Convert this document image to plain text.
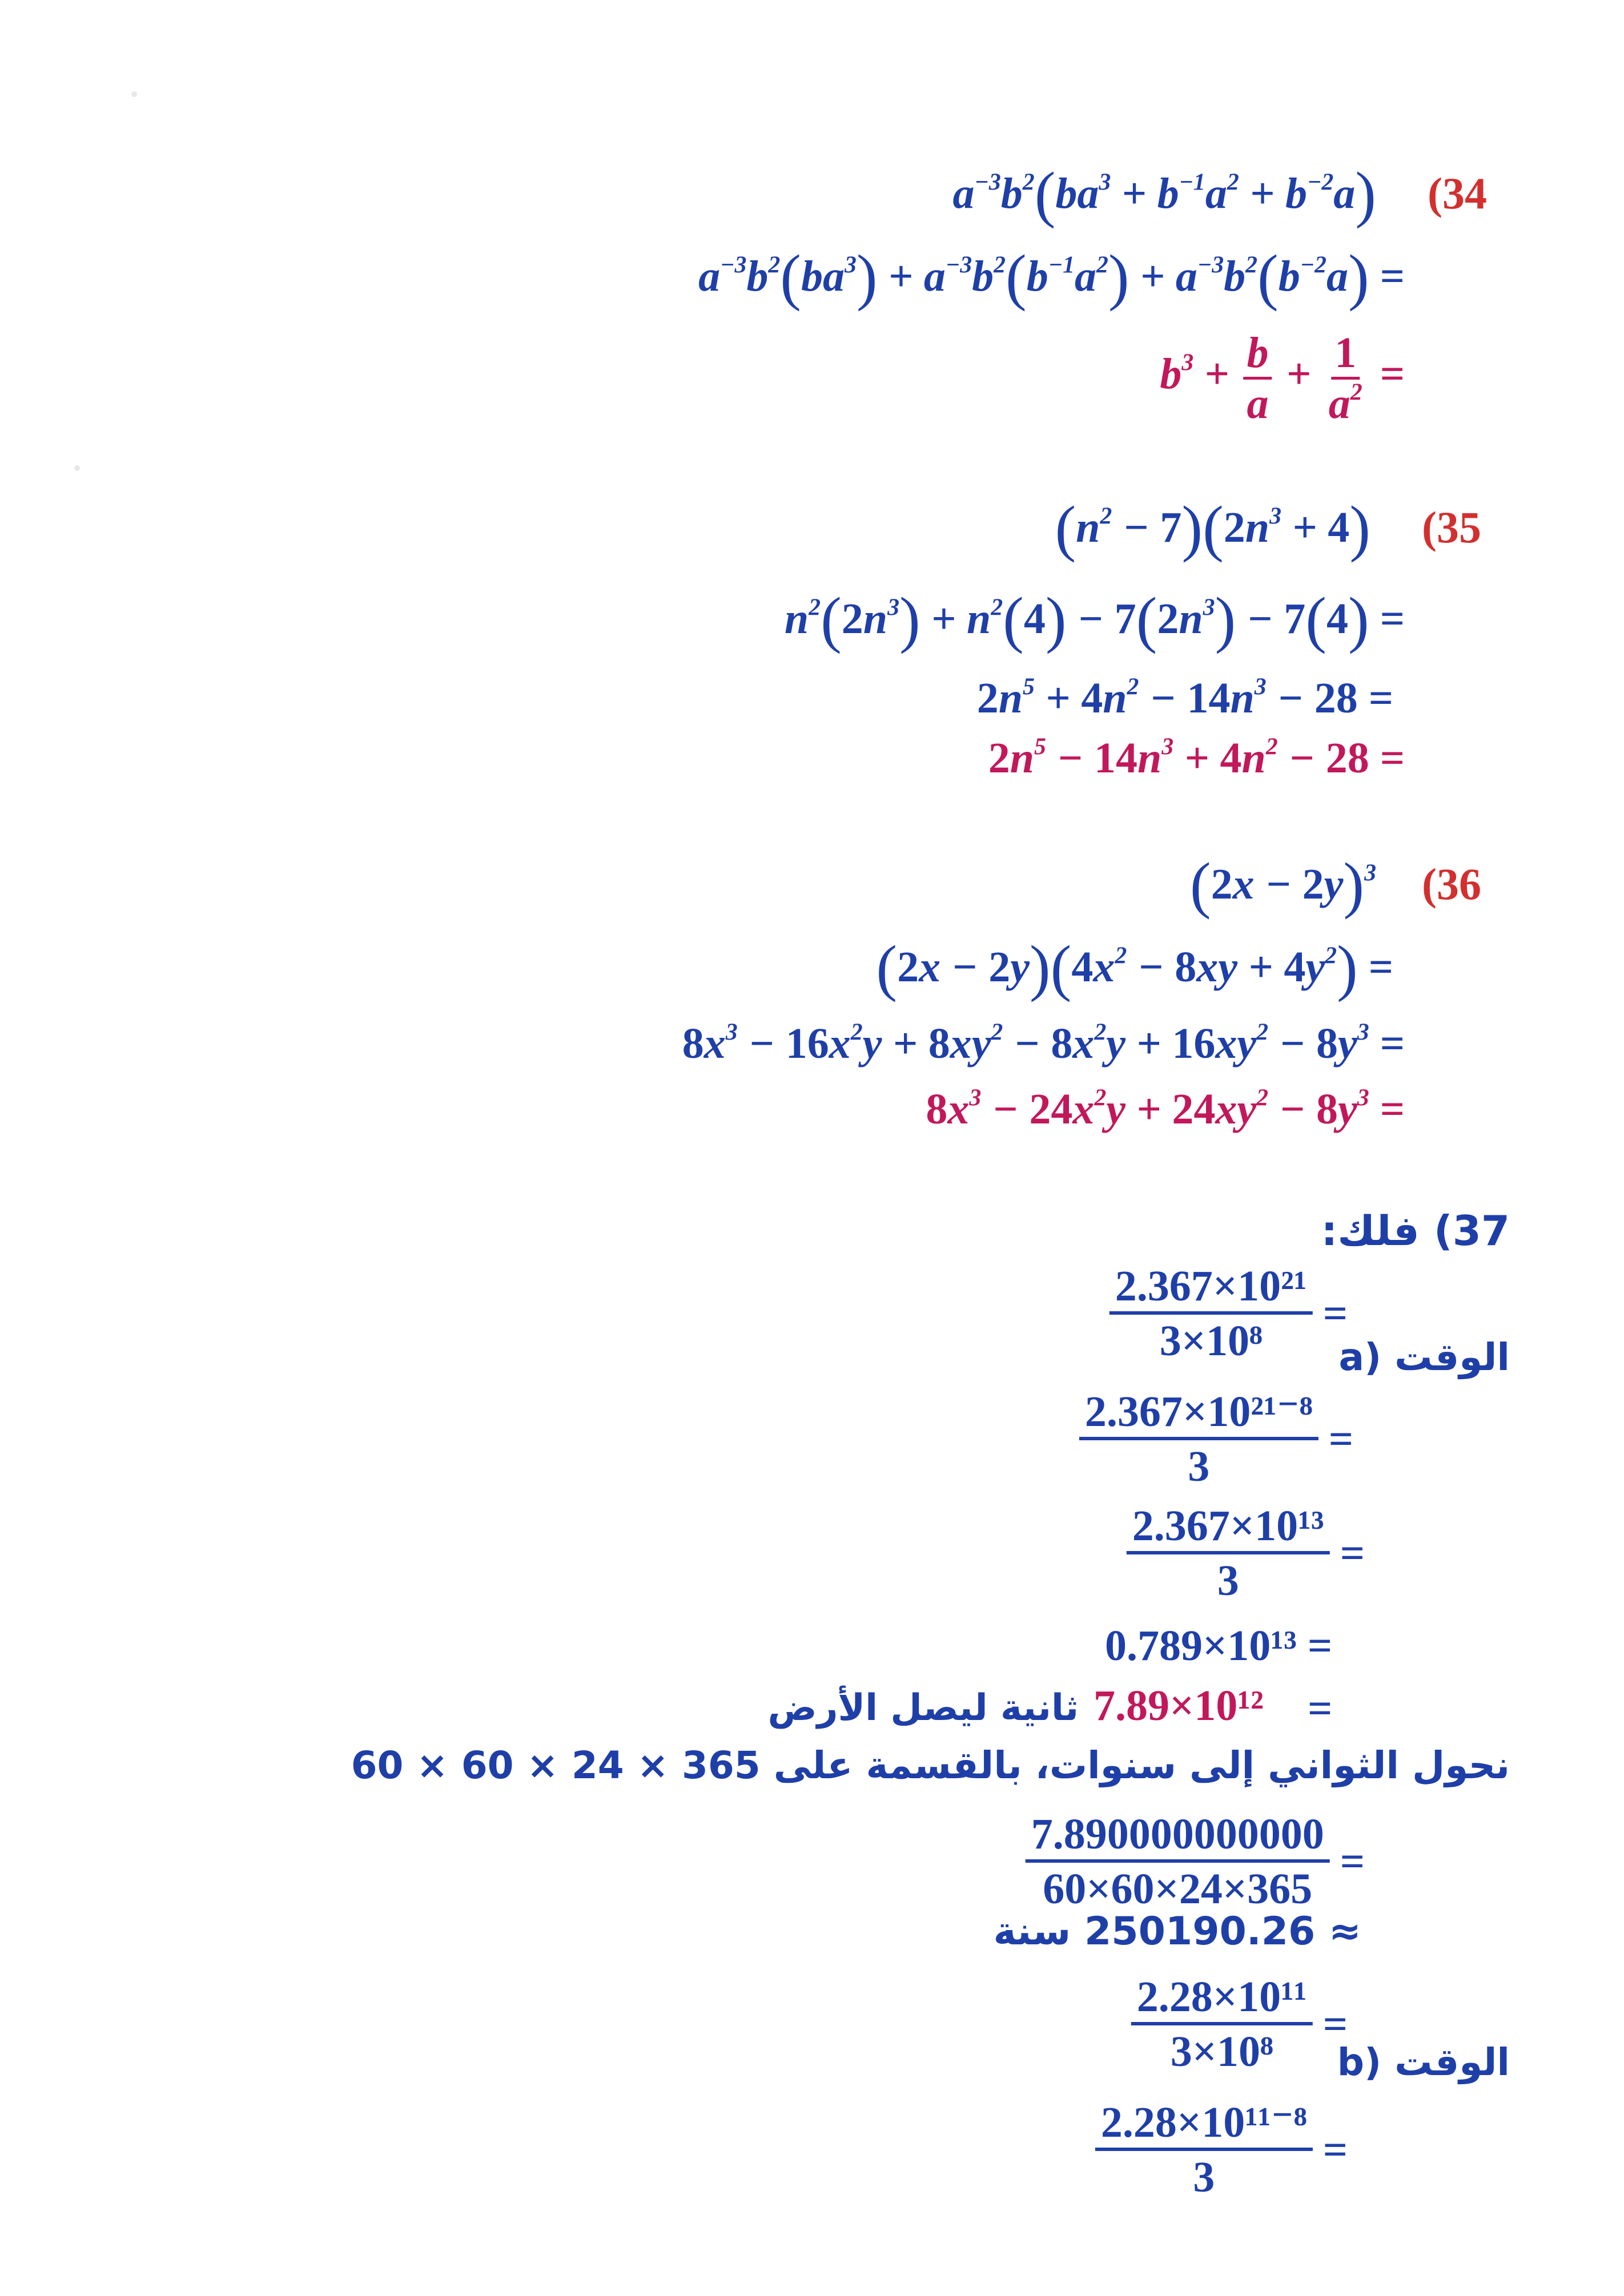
(34
$a^{-3}b^2(ba^3 + b^{-1}a^2 + b^{-2}a)$
$a^{-3}b^2(ba^3) + a^{-3}b^2(b^{-1}a^2) + a^{-3}b^2(b^{-2}a)$ =
$b^3 + \frac{b}{a} + \frac{1}{a^2}$ =
(35
$(n^2 - 7)(2n^3 + 4)$
$n^2(2n^3) + n^2(4) - 7(2n^3) - 7(4)$ =
$2n^5 + 4n^2 - 14n^3 - 28$ =
$2n^5 - 14n^3 + 4n^2 - 28$ =
(36
$(2x - 2y)^3$
$(2x - 2y)(4x^2 - 8xy + 4y^2)$ =
$8x^3 - 16x^2y + 8xy^2 - 8x^2y + 16xy^2 - 8y^3$ =
$8x^3 - 24x^2y + 24xy^2 - 8y^3$ =
37) فلك:
a) الوقت
$\frac{\text{2.367×10²¹}}{\text{3×10⁸}}$ =
$\frac{\text{2.367×10²¹⁻⁸}}{3}$ =
$\frac{\text{2.367×10¹³}}{3}$ =
0.789×10¹³ =
=
7.89×10¹²
ثانية ليصل الأرض
نحول الثواني إلى سنوات، بالقسمة على 365 × 24 × 60 × 60
$\frac{7.890000000000}{60\times 60\times 24\times 365}$ =
≈ 250190.26 سنة
b) الوقت
$\frac{\text{2.28×10¹¹}}{\text{3×10⁸}}$ =
$\frac{\text{2.28×10¹¹⁻⁸}}{3}$ =
